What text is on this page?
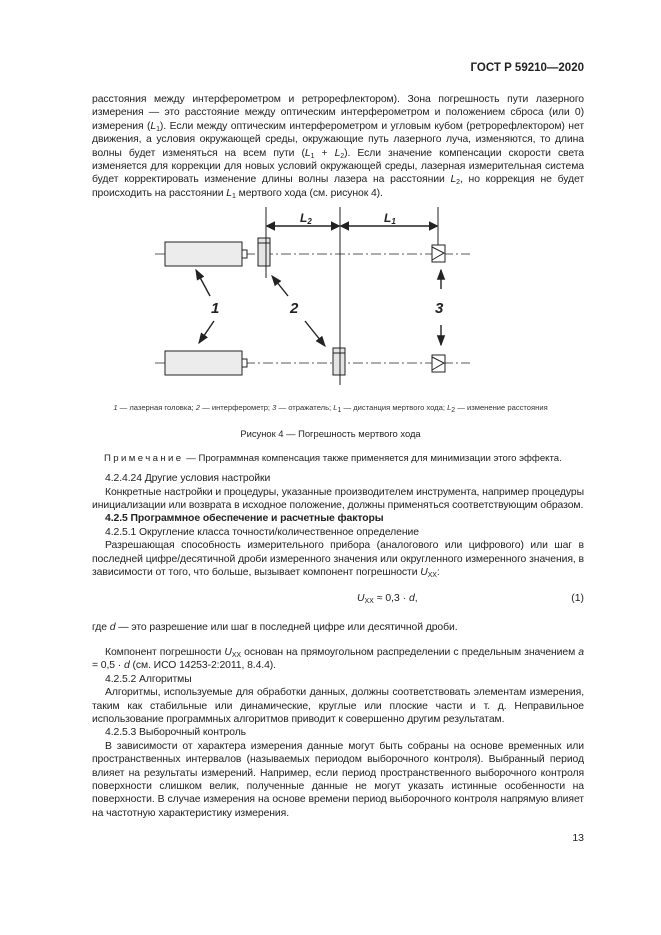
ГОСТ Р 59210—2020
расстояния между интерферометром и ретрорефлектором). Зона погрешность пути лазерного измерения — это расстояние между оптическим интерферометром и положением сброса (или 0) измерения $(L_1)$. Если между оптическим интерферометром и угловым кубом (ретрорефлектором) нет движения, а условия окружающей среды, окружающие путь лазерного луча, изменяются, то длина волны будет изменяться на всем пути $(L_1 + L_2)$. Если значение компенсации скорости света изменяется для коррекции для новых условий окружающей среды, лазерная измерительная система будет корректировать изменение длины волны лазера на расстоянии $L_2$, но коррекция не будет происходить на расстоянии $L_1$ мертвого хода (см. рисунок 4).
L2	L1
1	2	3
1 — лазерная головка; 2 — интерферометр; 3 — отражатель; $L_1$ — дистанция мертвого хода; $L_2$ — изменение расстояния
Рисунок 4 — Погрешность мертвого хода
Примечание — Программная компенсация также применяется для минимизации этого эффекта.
4.2.4.24 Другие условия настройки
Конкретные настройки и процедуры, указанные производителем инструмента, например процедуры инициализации или возврата в исходное положение, должны применяться соответствующим образом.
4.2.5 Программное обеспечение и расчетные факторы
4.2.5.1 Округление класса точности/количественное определение
Разрешающая способность измерительного прибора (аналогового или цифрового) или шаг в последней цифре/десятичной дроби измеренного значения или округленного измеренного значения, в зависимости от того, что больше, вызывает компонент погрешности $U_{XX}$:
$U_{XX} \approx 0,3 \cdot d$,	(1)
где d — это разрешение или шаг в последней цифре или десятичной дроби.
Компонент погрешности $U_{XX}$ основан на прямоугольном распределении с предельным значением a = 0,5 · d (см. ИСО 14253-2:2011, 8.4.4).
4.2.5.2 Алгоритмы
Алгоритмы, используемые для обработки данных, должны соответствовать элементам измерения, таким как стабильные или динамические, круглые или плоские части и т. д. Неправильное использование программных алгоритмов приводит к совершенно другим результатам.
4.2.5.3 Выборочный контроль
В зависимости от характера измерения данные могут быть собраны на основе временных или пространственных интервалов (называемых периодом выборочного контроля). Выбранный период влияет на результаты измерений. Например, если период пространственного выборочного контроля поверхности слишком велик, полученные данные не могут указать истинные особенности на поверхности. В случае измерения на основе времени период выборочного контроля напрямую влияет на частотную характеристику измерения.
13
